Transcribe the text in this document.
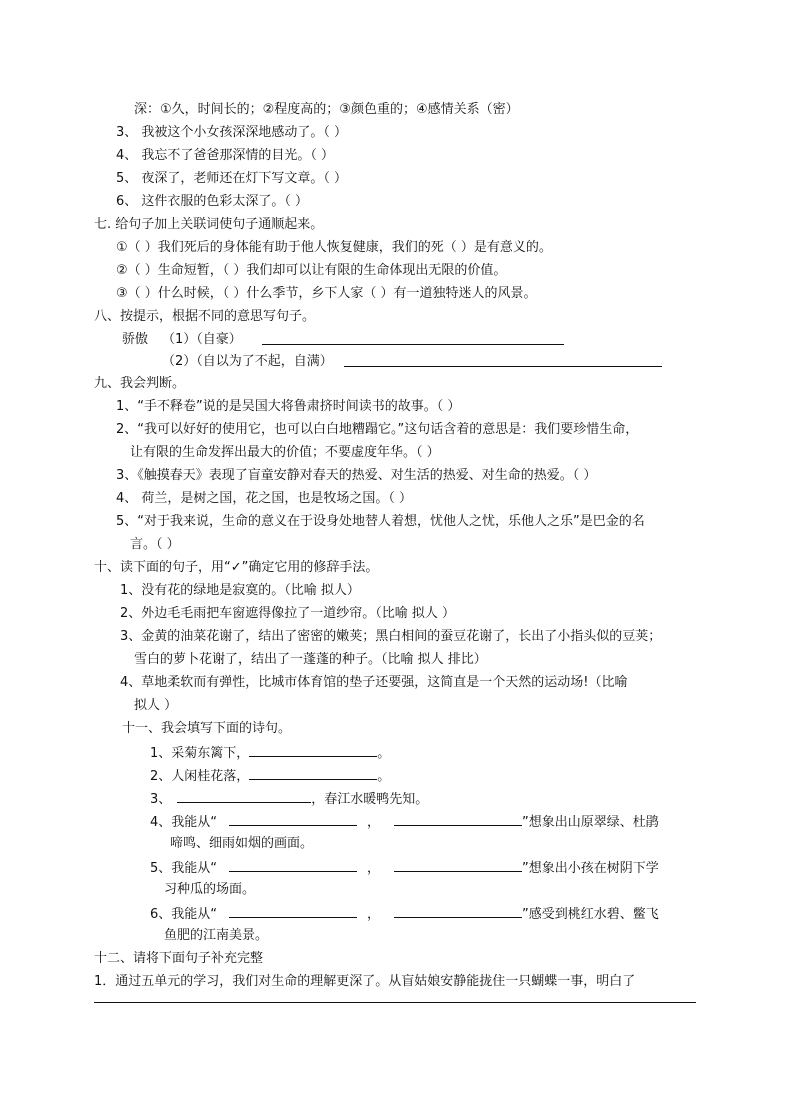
深：①久，时间长的；②程度高的；③颜色重的；④感情关系（密）
3、 我被这个小女孩深深地感动了。（ ）
4、 我忘不了爸爸那深情的目光。（ ）
5、 夜深了，老师还在灯下写文章。（ ）
6、 这件衣服的色彩太深了。（ ）
七. 给句子加上关联词使句子通顺起来。
①（ ）我们死后的身体能有助于他人恢复健康，我们的死（ ）是有意义的。
②（ ）生命短暂，（ ）我们却可以让有限的生命体现出无限的价值。
③（ ）什么时候，（ ）什么季节，乡下人家（ ）有一道独特迷人的风景。
八、按提示，根据不同的意思写句子。
骄傲 （1）（自豪）
（2）（自以为了不起，自满）
九、我会判断。
1、“手不释卷”说的是吴国大将鲁肃挤时间读书的故事。（ ）
2、“我可以好好的使用它，也可以白白地糟蹋它。”这句话含着的意思是：我们要珍惜生命，
让有限的生命发挥出最大的价值；不要虚度年华。（ ）
3、《触摸春天》表现了盲童安静对春天的热爱、对生活的热爱、对生命的热爱。（ ）
4、 荷兰，是树之国，花之国，也是牧场之国。（ ）
5、“对于我来说，生命的意义在于设身处地替人着想，忧他人之忧，乐他人之乐”是巴金的名
言。（ ）
十、读下面的句子，用“✓”确定它用的修辞手法。
1、没有花的绿地是寂寞的。（比喻 拟人）
2、外边毛毛雨把车窗遮得像拉了一道纱帘。（比喻 拟人 ）
3、金黄的油菜花谢了，结出了密密的嫩荚；黑白相间的蚕豆花谢了，长出了小指头似的豆荚；
雪白的萝卜花谢了，结出了一蓬蓬的种子。（比喻 拟人 排比）
4、草地柔软而有弹性，比城市体育馆的垫子还要强，这简直是一个天然的运动场!（比喻
拟人 ）
十一、我会填写下面的诗句。
1、采菊东篱下，	。
2、人闲桂花落，	。
3、	，春江水暖鸭先知。
4、我能从“	，	”想象出山原翠绿、杜鹃
啼鸣、细雨如烟的画面。
5、我能从“	，	”想象出小孩在树阴下学
习种瓜的场面。
6、我能从“	，	”感受到桃红水碧、鳖飞
鱼肥的江南美景。
十二、请将下面句子补充完整
1．通过五单元的学习，我们对生命的理解更深了。从盲姑娘安静能拢住一只蝴蝶一事，明白了
